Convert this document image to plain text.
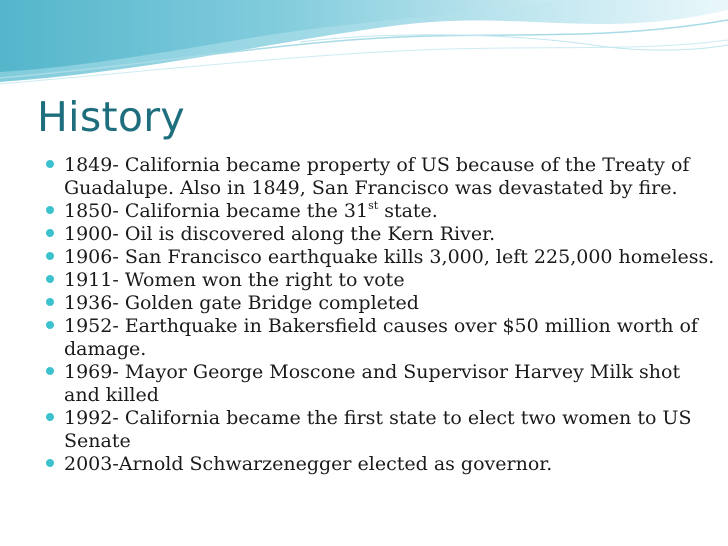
History
1849- California became property of US because of the Treaty of Guadalupe. Also in 1849, San Francisco was devastated by fire.
1850- California became the 31st state.
1900- Oil is discovered along the Kern River.
1906- San Francisco earthquake kills 3,000, left 225,000 homeless.
1911- Women won the right to vote
1936- Golden gate Bridge completed
1952- Earthquake in Bakersfield causes over $50 million worth of damage.
1969- Mayor George Moscone and Supervisor Harvey Milk shot and killed
1992- California became the first state to elect two women to US Senate
2003-Arnold Schwarzenegger elected as governor.
